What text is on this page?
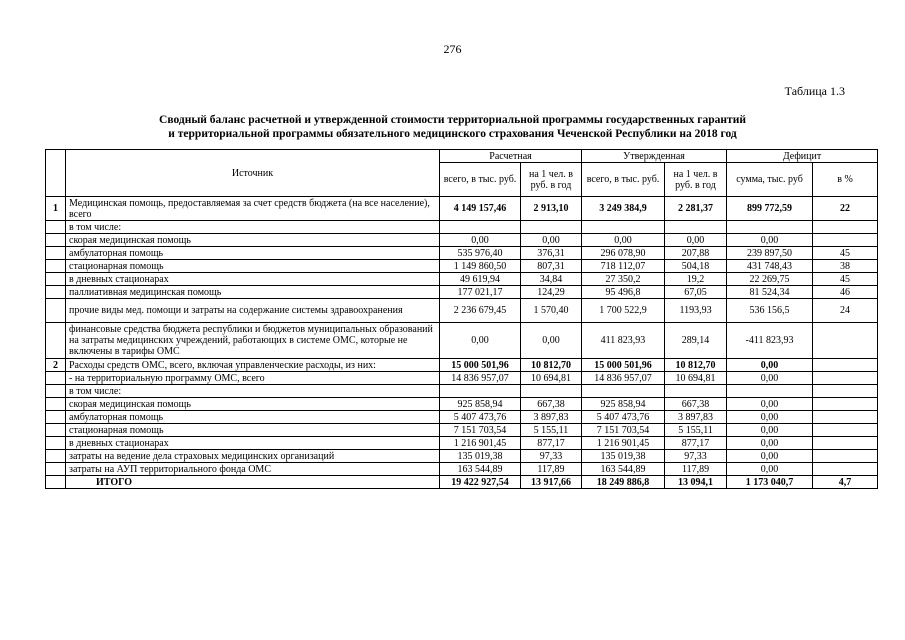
276
Таблица 1.3
Сводный баланс расчетной и утвержденной стоимости территориальной программы государственных гарантий
и территориальной программы обязательного медицинского страхования Чеченской Республики на 2018 год
	Источник	Расчетная		Утвержденная		Дефицит	
		всего, в тыс. руб.	на 1 чел. в руб. в год	всего, в тыс. руб.	на 1 чел. в руб. в год	сумма, тыс. руб	в %
1	Медицинская помощь, предоставляемая за счет средств бюджета (на все население), всего	4 149 157,46	2 913,10	3 249 384,9	2 281,37	899 772,59	22
	в том числе:						
	скорая медицинская помощь	0,00	0,00	0,00	0,00	0,00	
	амбулаторная помощь	535 976,40	376,31	296 078,90	207,88	239 897,50	45
	стационарная помощь	1 149 860,50	807,31	718 112,07	504,18	431 748,43	38
	в дневных стационарах	49 619,94	34,84	27 350,2	19,2	22 269,75	45
	паллиативная медицинская помощь	177 021,17	124,29	95 496,8	67,05	81 524,34	46
	прочие виды мед. помощи и затраты на содержание системы здравоохранения	2 236 679,45	1 570,40	1 700 522,9	1193,93	536 156,5	24
	финансовые средства бюджета республики и бюджетов муниципальных образований на затраты медицинских учреждений, работающих в системе ОМС, которые не включены в тарифы ОМС	0,00	0,00	411 823,93	289,14	-411 823,93	
2	Расходы средств ОМС, всего, включая управленческие расходы, из них:	15 000 501,96	10 812,70	15 000 501,96	10 812,70	0,00	
	- на территориальную программу ОМС, всего	14 836 957,07	10 694,81	14 836 957,07	10 694,81	0,00	
	в том числе:						
	скорая медицинская помощь	925 858,94	667,38	925 858,94	667,38	0,00	
	амбулаторная помощь	5 407 473,76	3 897,83	5 407 473,76	3 897,83	0,00	
	стационарная помощь	7 151 703,54	5 155,11	7 151 703,54	5 155,11	0,00	
	в дневных стационарах	1 216 901,45	877,17	1 216 901,45	877,17	0,00	
	затраты на ведение дела страховых медицинских организаций	135 019,38	97,33	135 019,38	97,33	0,00	
	затраты на АУП территориального фонда ОМС	163 544,89	117,89	163 544,89	117,89	0,00	
	ИТОГО	19 422 927,54	13 917,66	18 249 886,8	13 094,1	1 173 040,7	4,7
